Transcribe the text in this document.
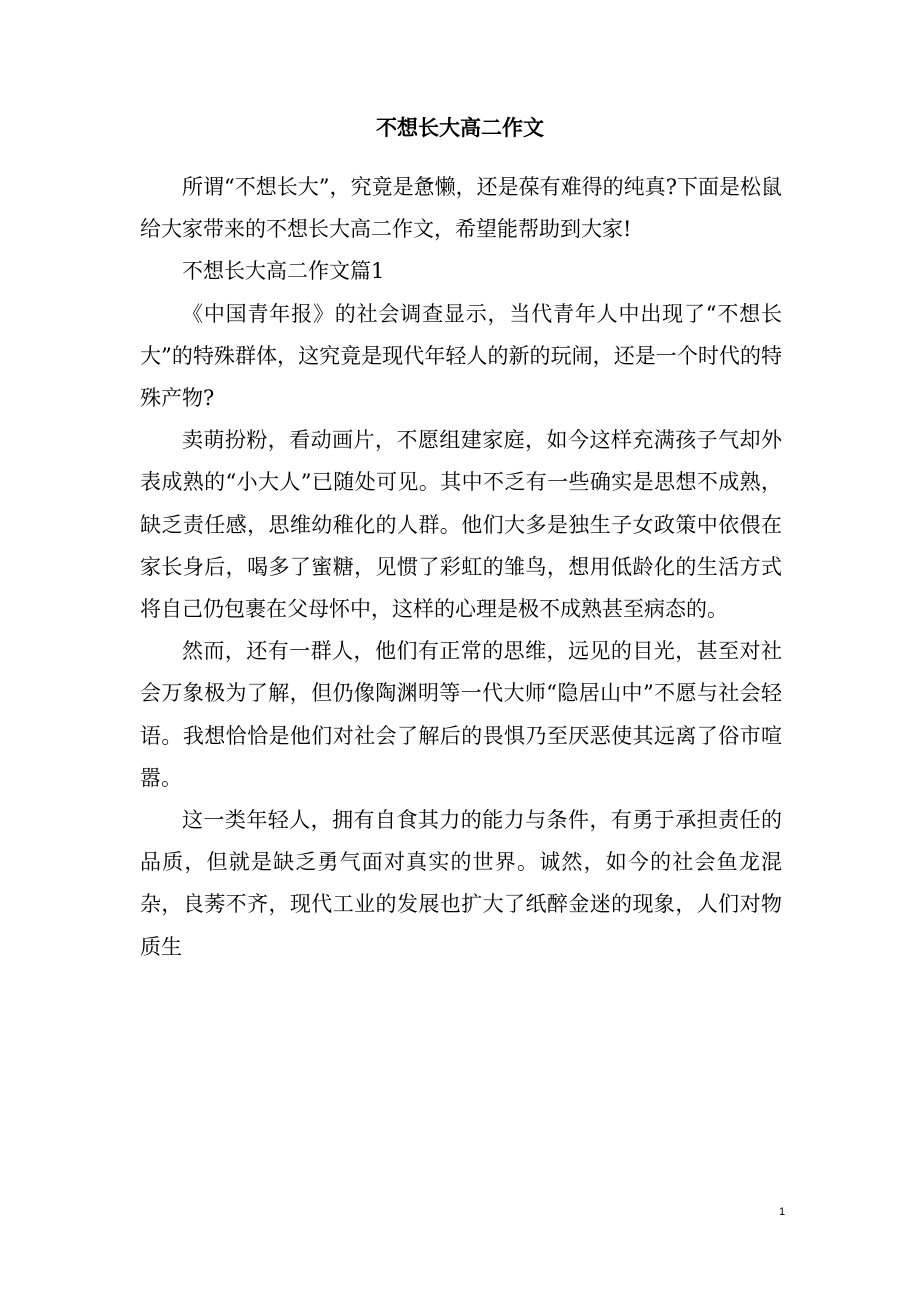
不想长大高二作文

所谓“不想长大”，究竟是惫懒，还是葆有难得的纯真?下面是松鼠给大家带来的不想长大高二作文，希望能帮助到大家!

不想长大高二作文篇1

《中国青年报》的社会调查显示，当代青年人中出现了“不想长大”的特殊群体，这究竟是现代年轻人的新的玩闹，还是一个时代的特殊产物?

卖萌扮粉，看动画片，不愿组建家庭，如今这样充满孩子气却外表成熟的“小大人”已随处可见。其中不乏有一些确实是思想不成熟，缺乏责任感，思维幼稚化的人群。他们大多是独生子女政策中依偎在家长身后，喝多了蜜糖，见惯了彩虹的雏鸟，想用低龄化的生活方式将自己仍包裹在父母怀中，这样的心理是极不成熟甚至病态的。

然而，还有一群人，他们有正常的思维，远见的目光，甚至对社会万象极为了解，但仍像陶渊明等一代大师“隐居山中”不愿与社会轻语。我想恰恰是他们对社会了解后的畏惧乃至厌恶使其远离了俗市喧嚣。

这一类年轻人，拥有自食其力的能力与条件，有勇于承担责任的品质，但就是缺乏勇气面对真实的世界。诚然，如今的社会鱼龙混杂，良莠不齐，现代工业的发展也扩大了纸醉金迷的现象，人们对物质生

1
